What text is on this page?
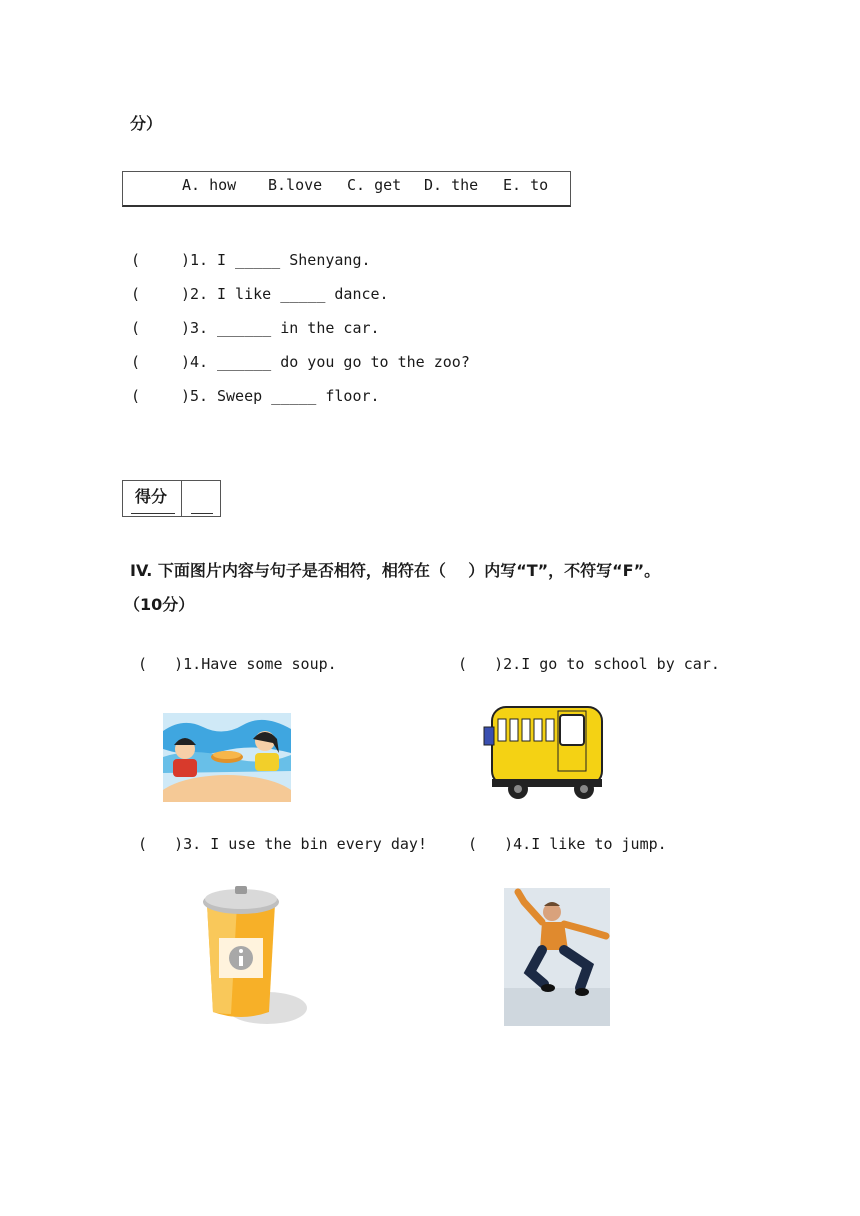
分）
A. how B.love C. get D. the E. to
(	)1. I _____ Shenyang.
(	)2. I like _____ dance.
(	)3. ______ in the car.
(	)4. ______ do you go to the zoo?
(	)5. Sweep _____ floor.
得分
IV. 下面图片内容与句子是否相符，相符在（    ）内写“T”，不符写“F”。
（10分）
(   )1.Have some soup.	(   )2.I go to school by car.
(   )3. I use the bin every day!	(   )4.I like to jump.
